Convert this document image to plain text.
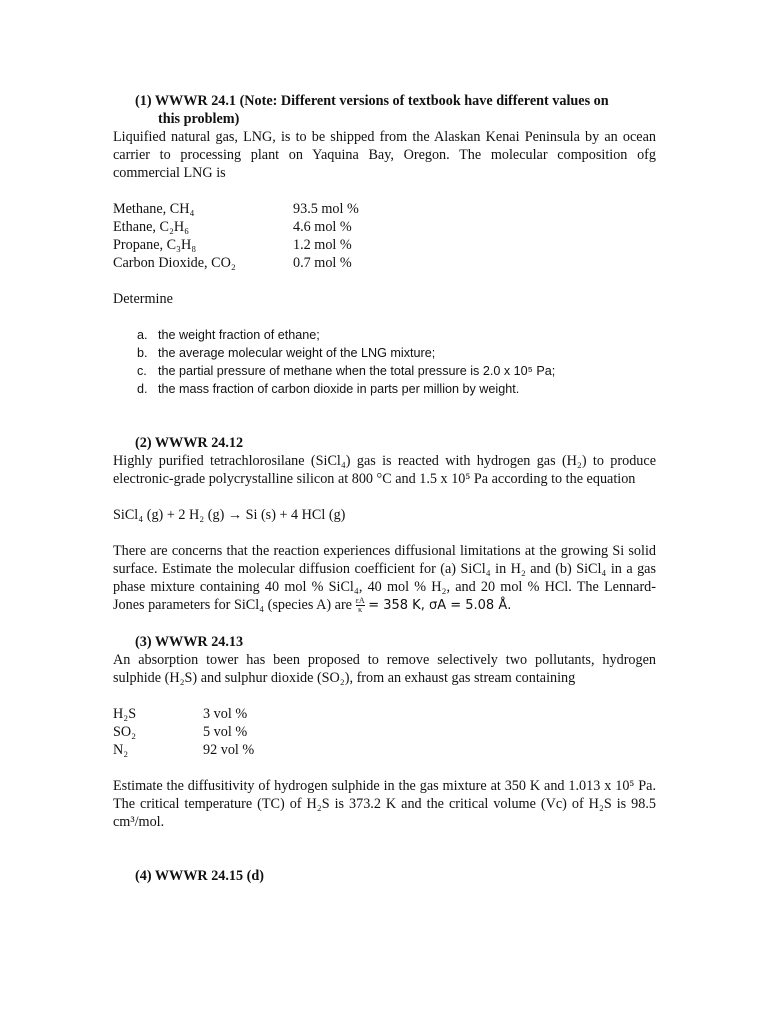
(1) WWWR 24.1 (Note: Different versions of textbook have different values on
this problem)

Liquified natural gas, LNG, is to be shipped from the Alaskan Kenai Peninsula by an ocean carrier to processing plant on Yaquina Bay, Oregon. The molecular composition ofg commercial LNG is

Methane, CH₄	93.5 mol %
Ethane, C₂H₆	4.6 mol %
Propane, C₃H₈	1.2 mol %
Carbon Dioxide, CO₂	0.7 mol %

Determine

a. the weight fraction of ethane;
b. the average molecular weight of the LNG mixture;
c. the partial pressure of methane when the total pressure is 2.0 x 10⁵ Pa;
d. the mass fraction of carbon dioxide in parts per million by weight.
(2) WWWR 24.12

Highly purified tetrachlorosilane (SiCl₄) gas is reacted with hydrogen gas (H₂) to produce electronic-grade polycrystalline silicon at 800 °C and 1.5 x 10⁵ Pa according to the equation

SiCl₄ (g) + 2 H₂ (g) → Si (s) + 4 HCl (g)

There are concerns that the reaction experiences diffusional limitations at the growing Si solid surface. Estimate the molecular diffusion coefficient for (a) SiCl₄ in H₂ and (b) SiCl₄ in a gas phase mixture containing 40 mol % SiCl₄, 40 mol % H₂, and 20 mol % HCl. The Lennard-Jones parameters for SiCl₄ (species A) are $\frac{\varepsilon A}{\kappa} = 358$ K, σA = 5.08 Å.

(3) WWWR 24.13

An absorption tower has been proposed to remove selectively two pollutants, hydrogen sulphide (H₂S) and sulphur dioxide (SO₂), from an exhaust gas stream containing

H₂S	3 vol %
SO₂	5 vol %
N₂	92 vol %

Estimate the diffusitivity of hydrogen sulphide in the gas mixture at 350 K and 1.013 x 10⁵ Pa. The critical temperature (TC) of H₂S is 373.2 K and the critical volume (Vc) of H₂S is 98.5 cm³/mol.

(4) WWWR 24.15 (d)
